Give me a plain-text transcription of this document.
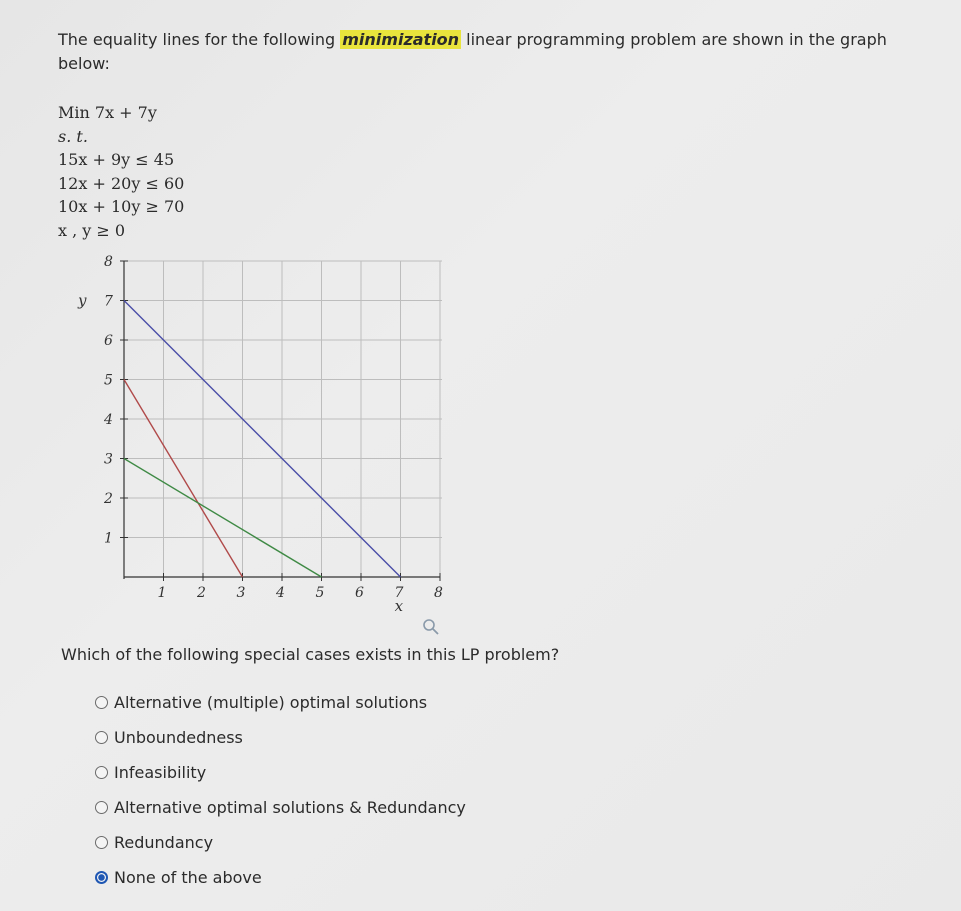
The equality lines for the following minimization linear programming problem are shown in the graph below:
Min 7x + 7y
s. t.
15x + 9y ≤ 45
12x + 20y ≤ 60
10x + 10y ≥ 70
x , y ≥ 0
1 2 3 4 5 6 7 8
1
2
3
4
5
6
7
8
x
y
Which of the following special cases exists in this LP problem?
Alternative (multiple) optimal solutions
Unboundedness
Infeasibility
Alternative optimal solutions & Redundancy
Redundancy
None of the above
